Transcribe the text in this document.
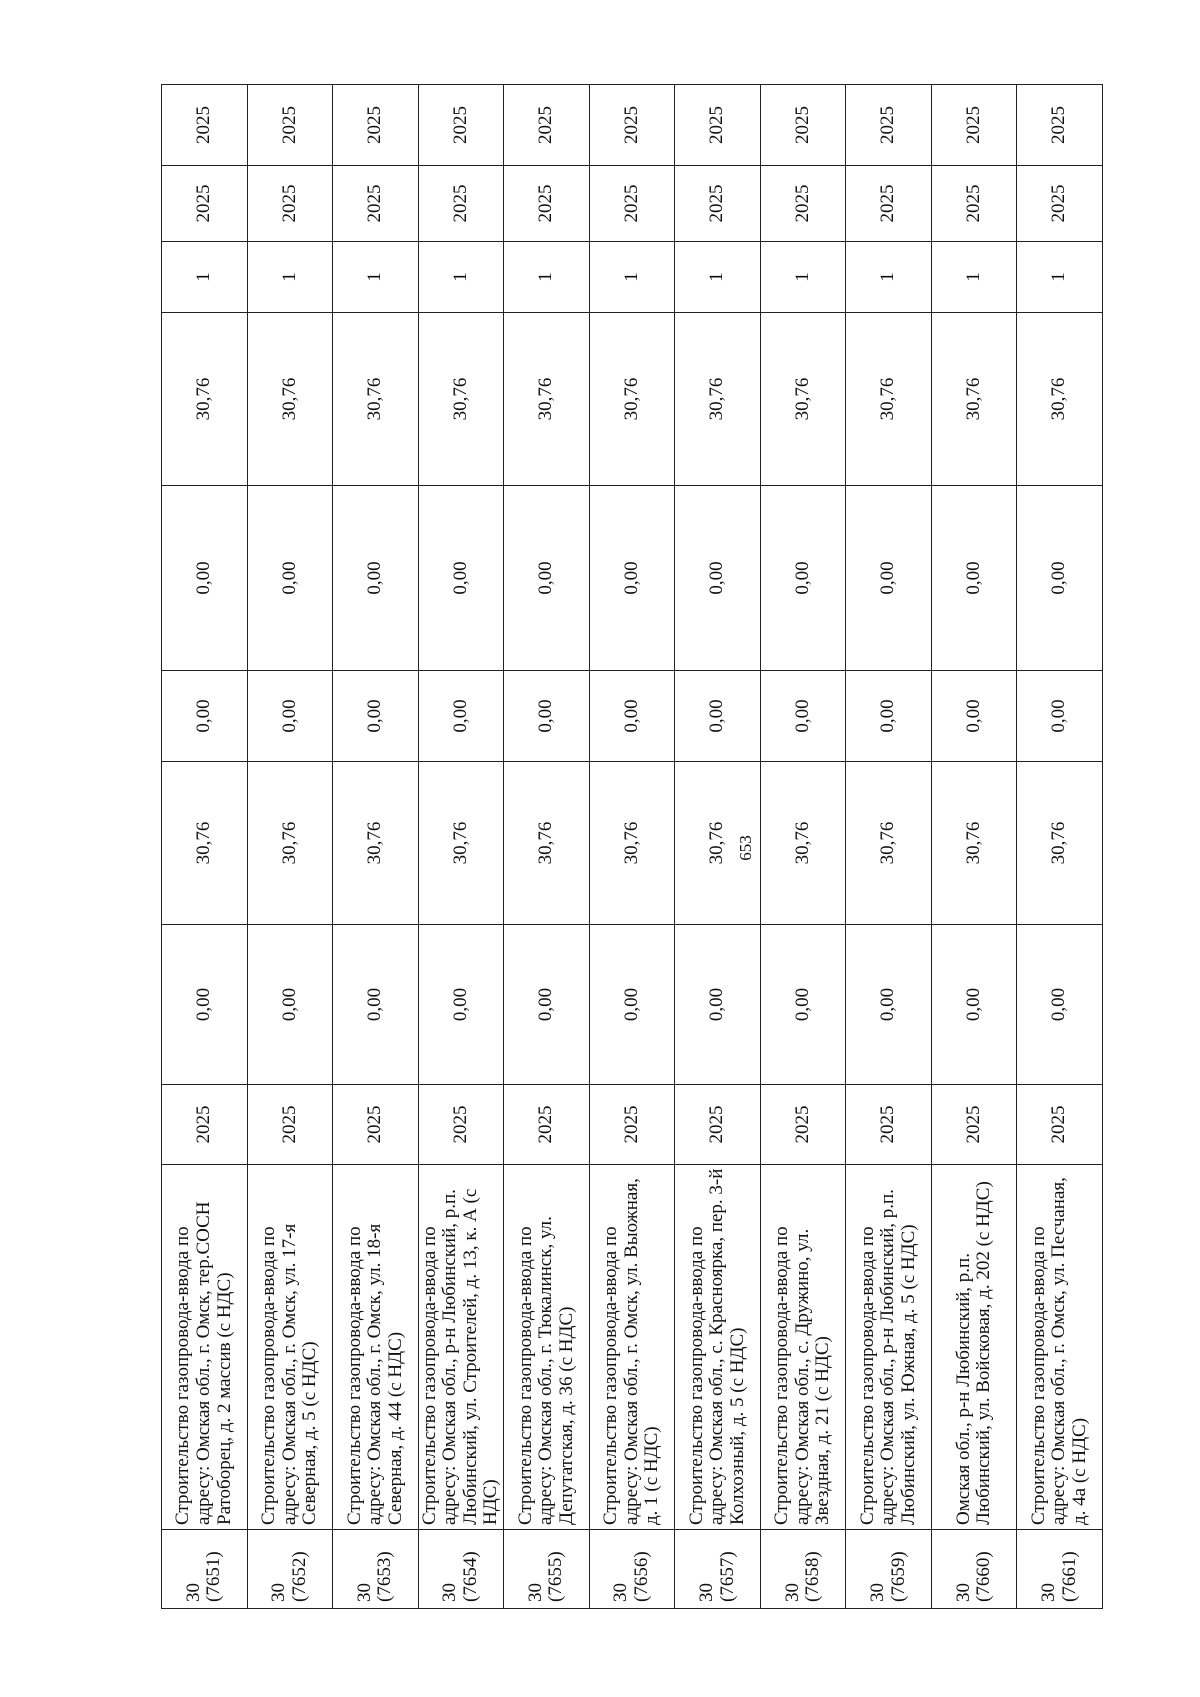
653
30 (7651)	Строительство газопровода-ввода по адресу: Омская обл., г. Омск, тер.СОСН Ратоборец, д. 2 массив (с НДС)	2025	0,00	30,76	0,00	0,00	30,76	1	2025	2025

30 (7652)	Строительство газопровода-ввода по адресу: Омская обл., г. Омск, ул. 17-я Северная, д. 5 (с НДС)	2025	0,00	30,76	0,00	0,00	30,76	1	2025	2025

30 (7653)	Строительство газопровода-ввода по адресу: Омская обл., г. Омск, ул. 18-я Северная, д. 44 (с НДС)	2025	0,00	30,76	0,00	0,00	30,76	1	2025	2025

30 (7654)	Строительство газопровода-ввода по адресу: Омская обл., р-н Любинский, р.п. Любинский, ул. Строителей, д. 13, к. А (с НДС)	2025	0,00	30,76	0,00	0,00	30,76	1	2025	2025

30 (7655)	Строительство газопровода-ввода по адресу: Омская обл., г. Тюкалинск, ул. Депутатская, д. 36 (с НДС)	2025	0,00	30,76	0,00	0,00	30,76	1	2025	2025

30 (7656)	Строительство газопровода-ввода по адресу: Омская обл., г. Омск, ул. Выожная, д. 1 (с НДС)	2025	0,00	30,76	0,00	0,00	30,76	1	2025	2025

30 (7657)	Строительство газопровода-ввода по адресу: Омская обл., с. Красноярка, пер. 3-й Колхозный, д. 5 (с НДС)	2025	0,00	30,76	0,00	0,00	30,76	1	2025	2025

30 (7658)	Строительство газопровода-ввода по адресу: Омская обл., с. Дружино, ул. Звездная, д. 21 (с НДС)	2025	0,00	30,76	0,00	0,00	30,76	1	2025	2025

30 (7659)	Строительство газопровода-ввода по адресу: Омская обл., р-н Любинский, р.п. Любинский, ул. Южная, д. 5 (с НДС)	2025	0,00	30,76	0,00	0,00	30,76	1	2025	2025

30 (7660)	Омская обл., р-н Любинский, р.п. Любинский, ул. Войсковая, д. 202 (с НДС)	2025	0,00	30,76	0,00	0,00	30,76	1	2025	2025

30 (7661)	Строительство газопровода-ввода по адресу: Омская обл., г. Омск, ул. Песчаная, д. 4а (с НДС)	2025	0,00	30,76	0,00	0,00	30,76	1	2025	2025
